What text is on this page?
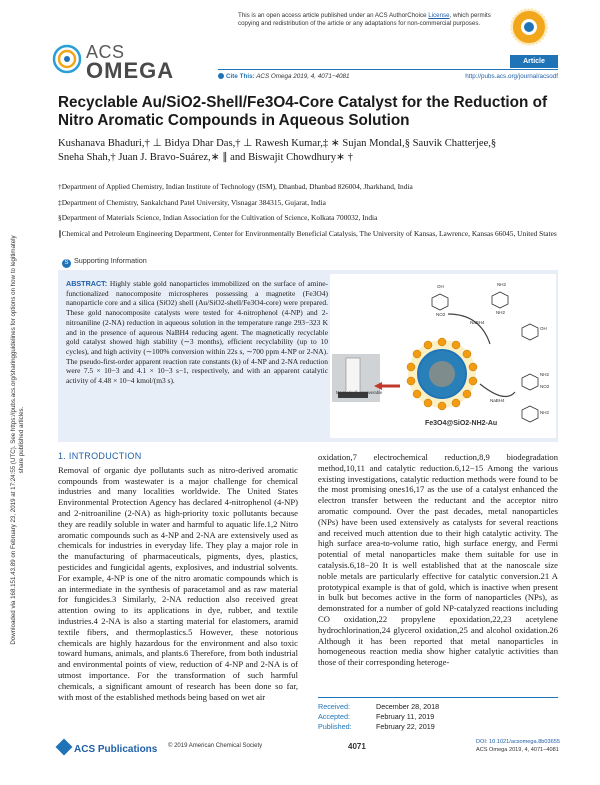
Downloaded via 168.151.43.89 on February 23, 2019 at 17:24:55 (UTC). See https://pubs.acs.org/sharingguidelines for options on how to legitimately share published articles.
This is an open access article published under an ACS AuthorChoice License, which permits copying and redistribution of the article or any adaptations for non-commercial purposes.
ACS
OMEGA	Article
Cite This: ACS Omega 2019, 4, 4071−4081	http://pubs.acs.org/journal/acsodf
Recyclable Au/SiO2-Shell/Fe3O4-Core Catalyst for the Reduction of Nitro Aromatic Compounds in Aqueous Solution
Kushanava Bhaduri,† ⊥ Bidya Dhar Das,† ⊥ Rawesh Kumar,‡ ∗ Sujan Mondal,§ Sauvik Chatterjee,§
Sneha Shah,† Juan J. Bravo-Suárez,∗ ∥ and Biswajit Chowdhury∗ †

†Department of Applied Chemistry, Indian Institute of Technology (ISM), Dhanbad, Dhanbad 826004, Jharkhand, India

‡Department of Chemistry, Sankalchand Patel University, Visnagar 384315, Gujarat, India

§Department of Materials Science, Indian Association for the Cultivation of Science, Kolkata 700032, India

∥Chemical and Petroleum Engineering Department, Center for Environmentally Beneficial Catalysis, The University of Kansas, Lawrence, Kansas 66045, United States

S Supporting Information
ABSTRACT: Highly stable gold nanoparticles immobilized on the surface of amine-functionalized nanocomposite microspheres possessing a magnetite (Fe3O4) nanoparticle core and a silica (SiO2) shell (Au/SiO2-shell/Fe3O4-core) were prepared. These gold nanocomposite catalysts were tested for 4-nitrophenol (4-NP) and 2-nitroaniline (2-NA) reduction in aqueous solution in the temperature range 293−323 K and in the presence of aqueous NaBH4 reducing agent. The magnetically recyclable gold catalyst showed high stability (∼3 months), efficient recyclability (up to 10 cycles), and high activity (∼100% conversion within 22s s, ∼700 ppm 4-NP or 2-NA). The pseudo-first-order apparent reaction rate constants (k) of 4-NP and 2-NA reduction were 7.5 × 10−3 and 4.1 × 10−3 s−1, respectively, and with an apparent catalytic activity of 4.48 × 10−4 kmol/(m3 s).
OH
NO2
NH2
NH2
OH
NH2
NO2
NH2
NaBH4
NaBH4
Magnetically recoverable
Fe3O4@SiO2-NH2-Au
1. INTRODUCTION

Removal of organic dye pollutants such as nitro-derived aromatic compounds from wastewater is a major challenge for chemical industries and many localities worldwide. The United States Environmental Protection Agency has declared 4-nitrophenol (4-NP) and 2-nitroaniline (2-NA) as high-priority toxic pollutants because they are readily soluble in water and harmful to aquatic life.1,2 Nitro aromatic compounds such as 4-NP and 2-NA are extensively used as chemicals for industries in everyday life. They play a major role in the manufacturing of pharmaceuticals, pigments, dyes, plastics, pesticides and fungicidal agents, explosives, and industrial solvents. For example, 4-NP is one of the nitro aromatic compounds which is an intermediate in the synthesis of paracetamol and as raw material for fungicides.3 Similarly, 2-NA reduction also received great attention owing to its applications in dye, rubber, and textile industries.4 2-NA is also a starting material for elastomers, aramid textile fibers, and thermoplastics.5 However, these notorious chemicals are highly hazardous for the environment and also toxic toward humans, animals, and plants.6 Therefore, from both industrial and environmental points of view, reduction of 4-NP and 2-NA is of utmost importance. For the transformation of such harmful chemicals, a significant amount of research has been done so far, with most of the established methods being based on wet air

oxidation,7 electrochemical reduction,8,9 biodegradation method,10,11 and catalytic reduction.6,12−15 Among the various existing investigations, catalytic reduction methods were found to be the most promising ones16,17 as the use of a catalyst enhanced the electron transfer between the reductant and the acceptor nitro aromatic compound. Over the past decades, metal nanoparticles (NPs) have been used extensively as catalysts for several reactions and received much attention due to their high catalytic activity. The high surface area-to-volume ratio, high surface energy, and Fermi potential of metal nanoparticles make them suitable for use in catalysis.6,18−20 It is well established that at the nanoscale size noble metals are particularly effective for catalytic conversion.21 A prototypical example is that of gold, which is inactive when present in bulk but becomes active in the form of nanoparticles (NPs), as demonstrated for a number of gold NP-catalyzed reactions including CO oxidation,22 propylene epoxidation,22,23 acetylene hydrochlorination,24 glycerol oxidation,25 and alcohol oxidation.26 Although it has been reported that metal nanoparticles in homogeneous reaction media show higher catalytic activities than those of their corresponding heteroge-

Received:	December 28, 2018
Accepted:	February 11, 2019
Published:	February 22, 2019
ACS Publications © 2019 American Chemical Society	4071	DOI: 10.1021/acsomega.8b03655
ACS Omega 2019, 4, 4071−4081
